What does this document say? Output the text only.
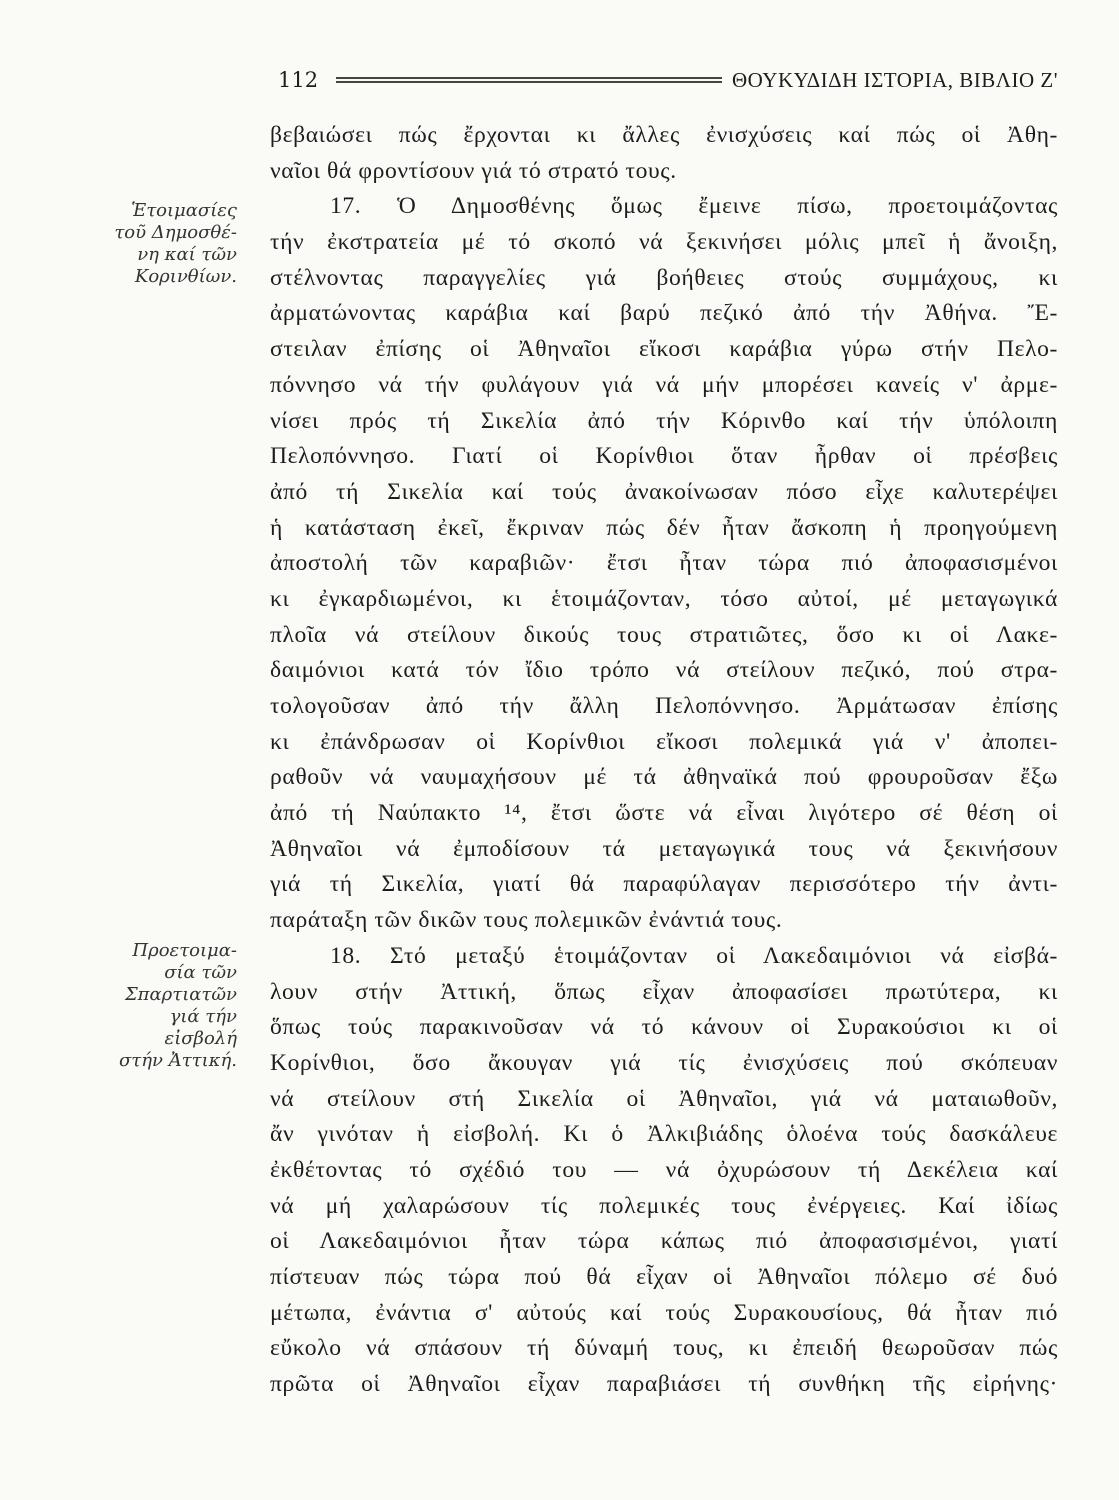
112	ΘΟΥΚΥΔΙΔΗ ΙΣΤΟΡΙΑ, ΒΙΒΛΙΟ Ζ'
Ἑτοιμασίες
τοῦ Δημοσθέ-
νη καί τῶν
Κορινθίων.
Προετοιμα-
σία τῶν
Σπαρτιατῶν
γιά τήν
εἰσβολή
στήν Ἀττική.
βεβαιώσει πώς ἔρχονται κι ἄλλες ἐνισχύσεις καί πώς οἱ Ἀθη-
ναῖοι θά φροντίσουν γιά τό στρατό τους.
17. Ὁ Δημοσθένης ὅμως ἔμεινε πίσω, προετοιμάζοντας
τήν ἐκστρατεία μέ τό σκοπό νά ξεκινήσει μόλις μπεῖ ἡ ἄνοιξη,
στέλνοντας παραγγελίες γιά βοήθειες στούς συμμάχους, κι
ἀρματώνοντας καράβια καί βαρύ πεζικό ἀπό τήν Ἀθήνα. Ἔ-
στειλαν ἐπίσης οἱ Ἀθηναῖοι εἴκοσι καράβια γύρω στήν Πελο-
πόννησο νά τήν φυλάγουν γιά νά μήν μπορέσει κανείς ν' ἀρμε-
νίσει πρός τή Σικελία ἀπό τήν Κόρινθο καί τήν ὑπόλοιπη
Πελοπόννησο. Γιατί οἱ Κορίνθιοι ὅταν ἦρθαν οἱ πρέσβεις
ἀπό τή Σικελία καί τούς ἀνακοίνωσαν πόσο εἶχε καλυτερέψει
ἡ κατάσταση ἐκεῖ, ἔκριναν πώς δέν ἦταν ἄσκοπη ἡ προηγούμενη
ἀποστολή τῶν καραβιῶν· ἔτσι ἦταν τώρα πιό ἀποφασισμένοι
κι ἐγκαρδιωμένοι, κι ἑτοιμάζονταν, τόσο αὐτοί, μέ μεταγωγικά
πλοῖα νά στείλουν δικούς τους στρατιῶτες, ὅσο κι οἱ Λακε-
δαιμόνιοι κατά τόν ἴδιο τρόπο νά στείλουν πεζικό, πού στρα-
τολογοῦσαν ἀπό τήν ἄλλη Πελοπόννησο. Ἀρμάτωσαν ἐπίσης
κι ἐπάνδρωσαν οἱ Κορίνθιοι εἴκοσι πολεμικά γιά ν' ἀποπει-
ραθοῦν νά ναυμαχήσουν μέ τά ἀθηναϊκά πού φρουροῦσαν ἔξω
ἀπό τή Ναύπακτο ¹⁴, ἔτσι ὥστε νά εἶναι λιγότερο σέ θέση οἱ
Ἀθηναῖοι νά ἐμποδίσουν τά μεταγωγικά τους νά ξεκινήσουν
γιά τή Σικελία, γιατί θά παραφύλαγαν περισσότερο τήν ἀντι-
παράταξη τῶν δικῶν τους πολεμικῶν ἐνάντιά τους.
18. Στό μεταξύ ἑτοιμάζονταν οἱ Λακεδαιμόνιοι νά εἰσβά-
λουν στήν Ἀττική, ὅπως εἶχαν ἀποφασίσει πρωτύτερα, κι
ὅπως τούς παρακινοῦσαν νά τό κάνουν οἱ Συρακούσιοι κι οἱ
Κορίνθιοι, ὅσο ἄκουγαν γιά τίς ἐνισχύσεις πού σκόπευαν
νά στείλουν στή Σικελία οἱ Ἀθηναῖοι, γιά νά ματαιωθοῦν,
ἄν γινόταν ἡ εἰσβολή. Κι ὁ Ἀλκιβιάδης ὁλοένα τούς δασκάλευε
ἐκθέτοντας τό σχέδιό του — νά ὀχυρώσουν τή Δεκέλεια καί
νά μή χαλαρώσουν τίς πολεμικές τους ἐνέργειες. Καί ἰδίως
οἱ Λακεδαιμόνιοι ἦταν τώρα κάπως πιό ἀποφασισμένοι, γιατί
πίστευαν πώς τώρα πού θά εἶχαν οἱ Ἀθηναῖοι πόλεμο σέ δυό
μέτωπα, ἐνάντια σ' αὐτούς καί τούς Συρακουσίους, θά ἦταν πιό
εὔκολο νά σπάσουν τή δύναμή τους, κι ἐπειδή θεωροῦσαν πώς
πρῶτα οἱ Ἀθηναῖοι εἶχαν παραβιάσει τή συνθήκη τῆς εἰρήνης·
